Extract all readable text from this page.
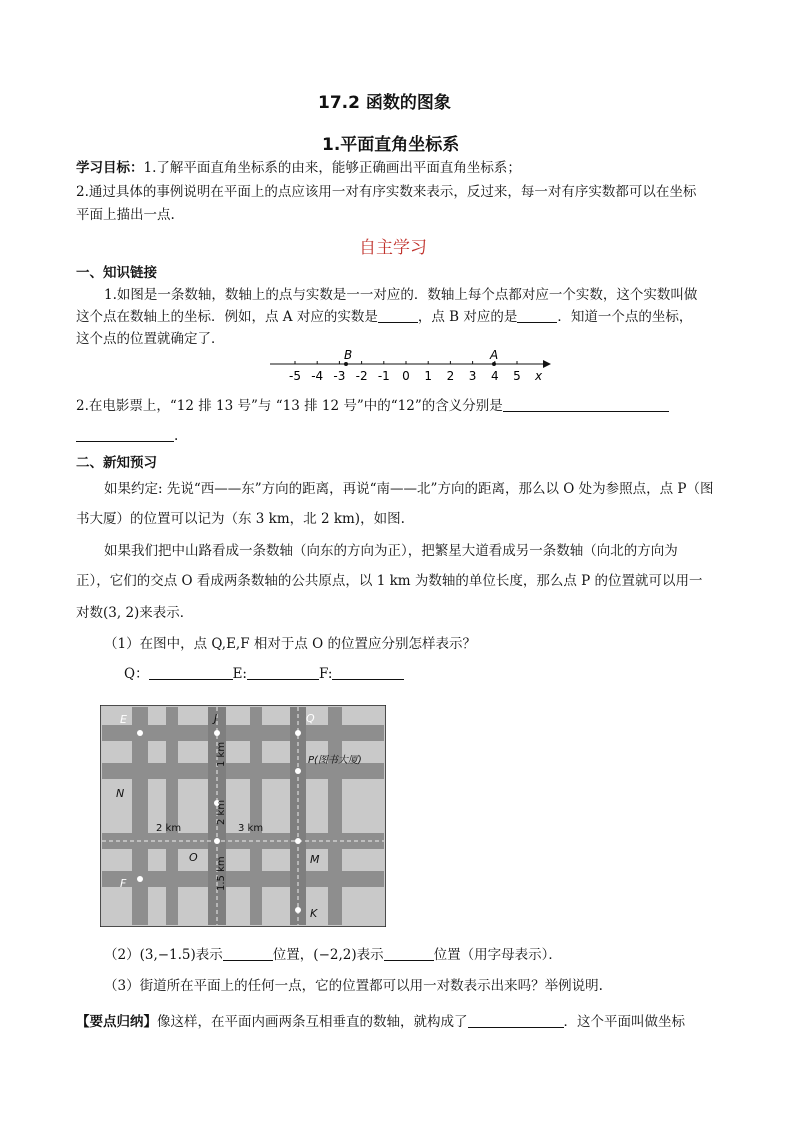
17.2 函数的图象
1.平面直角坐标系
学习目标：1.了解平面直角坐标系的由来，能够正确画出平面直角坐标系；
2.通过具体的事例说明在平面上的点应该用一对有序实数来表示，反过来，每一对有序实数都可以在坐标
平面上描出一点.
自主学习
一、知识链接
1.如图是一条数轴，数轴上的点与实数是一一对应的．数轴上每个点都对应一个实数，这个实数叫做
这个点在数轴上的坐标．例如，点 A 对应的实数是	，点 B 对应的是	．知道一个点的坐标，
这个点的位置就确定了．
-5 -4 -3 -2 -1 0 1 2 3 4 5
B	A
x
2.在电影票上，“12 排 13 号”与 “13 排 12 号”中的“12”的含义分别是
.
二、新知预习
如果约定: 先说“西——东”方向的距离，再说“南——北”方向的距离，那么以 O 处为参照点，点 P（图
书大厦）的位置可以记为（东 3 km，北 2 km)，如图.
如果我们把中山路看成一条数轴（向东的方向为正），把繁星大道看成另一条数轴（向北的方向为
正），它们的交点 O 看成两条数轴的公共原点，以 1 km 为数轴的单位长度，那么点 P 的位置就可以用一
对数(3, 2)来表示．
（1）在图中，点 Q,E,F 相对于点 O 的位置应分别怎样表示？
Q：	E:	F:
E	J	Q
P(图书大厦)
N
O	M
F
K
1 km
2 km
2 km	3 km
1.5 km
（2）(3,−1.5)表示	位置，(−2,2)表示	位置（用字母表示）．
（3）街道所在平面上的任何一点，它的位置都可以用一对数表示出来吗？举例说明.
【要点归纳】像这样，在平面内画两条互相垂直的数轴，就构成了	．这个平面叫做坐标
